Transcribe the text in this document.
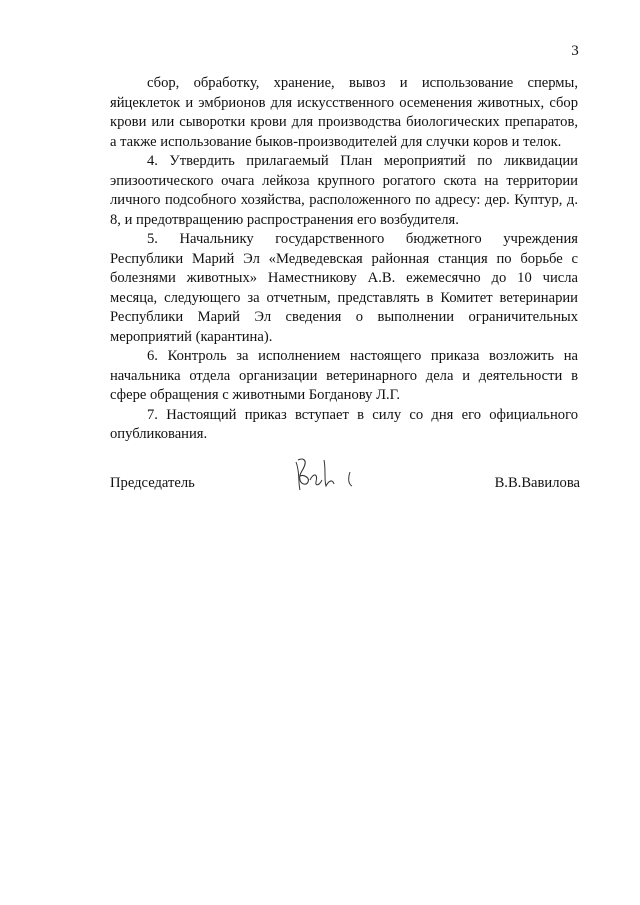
3

сбор, обработку, хранение, вывоз и использование спермы, яйцеклеток и эмбрионов для искусственного осеменения животных, сбор крови или сыворотки крови для производства биологических препаратов, а также использование быков-производителей для случки коров и телок.

4. Утвердить прилагаемый План мероприятий по ликвидации эпизоотического очага лейкоза крупного рогатого скота на территории личного подсобного хозяйства, расположенного по адресу: дер. Куптур, д. 8, и предотвращению распространения его возбудителя.

5. Начальнику государственного бюджетного учреждения Республики Марий Эл «Медведевская районная станция по борьбе с болезнями животных» Наместникову А.В. ежемесячно до 10 числа месяца, следующего за отчетным, представлять в Комитет ветеринарии Республики Марий Эл сведения о выполнении ограничительных мероприятий (карантина).

6. Контроль за исполнением настоящего приказа возложить на начальника отдела организации ветеринарного дела и деятельности в сфере обращения с животными Богданову Л.Г.

7. Настоящий приказ вступает в силу со дня его официального опубликования.

Председатель	В.В.Вавилова
